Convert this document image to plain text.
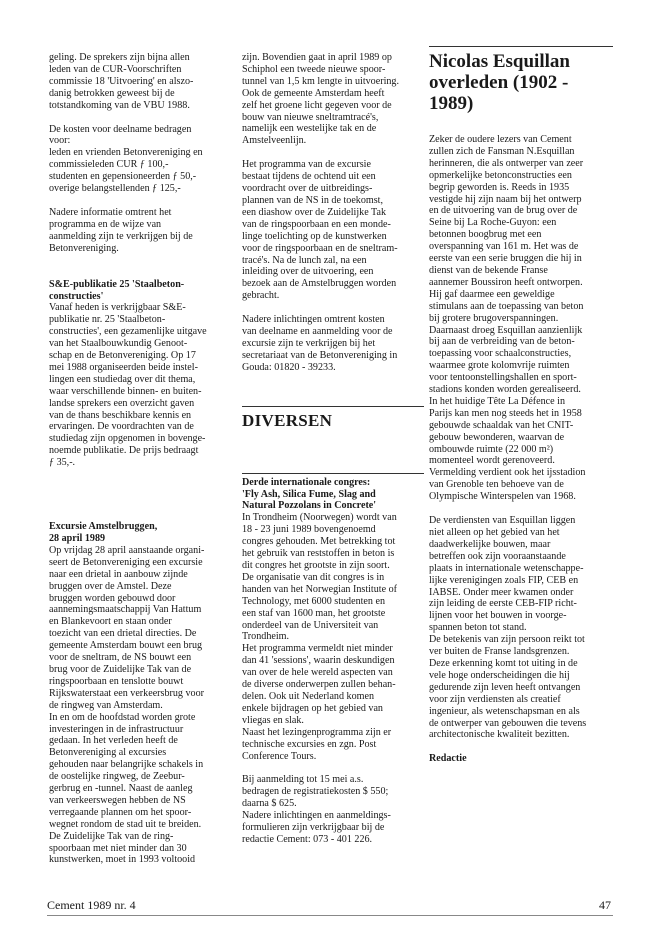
geling. De sprekers zijn bijna allen
leden van de CUR-Voorschriften
commissie 18 'Uitvoering' en alszo-
danig betrokken geweest bij de
totstandkoming van de VBU 1988.

De kosten voor deelname bedragen
voor:
leden en vrienden Betonvereniging en
commissieleden CUR ƒ 100,-
studenten en gepensioneerden ƒ 50,-
overige belangstellenden ƒ 125,-

Nadere informatie omtrent het
programma en de wijze van
aanmelding zijn te verkrijgen bij de
Betonvereniging.

S&E-publikatie 25 'Staalbeton-
constructies'

Vanaf heden is verkrijgbaar S&E-
publikatie nr. 25 'Staalbeton-
constructies', een gezamenlijke uitgave
van het Staalbouwkundig Genoot-
schap en de Betonvereniging. Op 17
mei 1988 organiseerden beide instel-
lingen een studiedag over dit thema,
waar verschillende binnen- en buiten-
landse sprekers een overzicht gaven
van de thans beschikbare kennis en
ervaringen. De voordrachten van de
studiedag zijn opgenomen in bovenge-
noemde publikatie. De prijs bedraagt
ƒ 35,-.

Excursie Amstelbruggen,
28 april 1989

Op vrijdag 28 april aanstaande organi-
seert de Betonvereniging een excursie
naar een drietal in aanbouw zijnde
bruggen over de Amstel. Deze
bruggen worden gebouwd door
aannemingsmaatschappij Van Hattum
en Blankevoort en staan onder
toezicht van een drietal directies. De
gemeente Amsterdam bouwt een brug
voor de sneltram, de NS bouwt een
brug voor de Zuidelijke Tak van de
ringspoorbaan en tenslotte bouwt
Rijkswaterstaat een verkeersbrug voor
de ringweg van Amsterdam.
In en om de hoofdstad worden grote
investeringen in de infrastructuur
gedaan. In het verleden heeft de
Betonvereniging al excursies
gehouden naar belangrijke schakels in
de oostelijke ringweg, de Zeebur-
gerbrug en -tunnel. Naast de aanleg
van verkeerswegen hebben de NS
verregaande plannen om het spoor-
wegnet rondom de stad uit te breiden.
De Zuidelijke Tak van de ring-
spoorbaan met niet minder dan 30
kunstwerken, moet in 1993 voltooid

zijn. Bovendien gaat in april 1989 op
Schiphol een tweede nieuwe spoor-
tunnel van 1,5 km lengte in uitvoering.
Ook de gemeente Amsterdam heeft
zelf het groene licht gegeven voor de
bouw van nieuwe sneltramtracé's,
namelijk een westelijke tak en de
Amstelveenlijn.

Het programma van de excursie
bestaat tijdens de ochtend uit een
voordracht over de uitbreidings-
plannen van de NS in de toekomst,
een diashow over de Zuidelijke Tak
van de ringspoorbaan en een monde-
linge toelichting op de kunstwerken
voor de ringspoorbaan en de sneltram-
tracé's. Na de lunch zal, na een
inleiding over de uitvoering, een
bezoek aan de Amstelbruggen worden
gebracht.

Nadere inlichtingen omtrent kosten
van deelname en aanmelding voor de
excursie zijn te verkrijgen bij het
secretariaat van de Betonvereniging in
Gouda: 01820 - 39233.

DIVERSEN

Derde internationale congres:
'Fly Ash, Silica Fume, Slag and
Natural Pozzolans in Concrete'

In Trondheim (Noorwegen) wordt van
18 - 23 juni 1989 bovengenoemd
congres gehouden. Met betrekking tot
het gebruik van reststoffen in beton is
dit congres het grootste in zijn soort.
De organisatie van dit congres is in
handen van het Norwegian Institute of
Technology, met 6000 studenten en
een staf van 1600 man, het grootste
onderdeel van de Universiteit van
Trondheim.
Het programma vermeldt niet minder
dan 41 'sessions', waarin deskundigen
van over de hele wereld aspecten van
de diverse onderwerpen zullen behan-
delen. Ook uit Nederland komen
enkele bijdragen op het gebied van
vliegas en slak.
Naast het lezingenprogramma zijn er
technische excursies en zgn. Post
Conference Tours.

Bij aanmelding tot 15 mei a.s.
bedragen de registratiekosten $ 550;
daarna $ 625.
Nadere inlichtingen en aanmeldings-
formulieren zijn verkrijgbaar bij de
redactie Cement: 073 - 401 226.

Nicolas Esquillan
overleden (1902 - 1989)

Zeker de oudere lezers van Cement
zullen zich de Fansman N.Esquillan
herinneren, die als ontwerper van zeer
opmerkelijke betonconstructies een
begrip geworden is. Reeds in 1935
vestigde hij zijn naam bij het ontwerp
en de uitvoering van de brug over de
Seine bij La Roche-Guyon: een
betonnen boogbrug met een
overspanning van 161 m. Het was de
eerste van een serie bruggen die hij in
dienst van de bekende Franse
aannemer Boussiron heeft ontworpen.
Hij gaf daarmee een geweldige
stimulans aan de toepassing van beton
bij grotere brugoverspanningen.
Daarnaast droeg Esquillan aanzienlijk
bij aan de verbreiding van de beton-
toepassing voor schaalconstructies,
waarmee grote kolomvrije ruimten
voor tentoonstellingshallen en sport-
stadions konden worden gerealiseerd.
In het huidige Tête La Défence in
Parijs kan men nog steeds het in 1958
gebouwde schaaldak van het CNIT-
gebouw bewonderen, waarvan de
ombouwde ruimte (22 000 m²)
momenteel wordt gerenoveerd.
Vermelding verdient ook het ijsstadion
van Grenoble ten behoeve van de
Olympische Winterspelen van 1968.

De verdiensten van Esquillan liggen
niet alleen op het gebied van het
daadwerkelijke bouwen, maar
betreffen ook zijn vooraanstaande
plaats in internationale wetenschappe-
lijke verenigingen zoals FIP, CEB en
IABSE. Onder meer kwamen onder
zijn leiding de eerste CEB-FIP richt-
lijnen voor het bouwen in voorge-
spannen beton tot stand.
De betekenis van zijn persoon reikt tot
ver buiten de Franse landsgrenzen.
Deze erkenning komt tot uiting in de
vele hoge onderscheidingen die hij
gedurende zijn leven heeft ontvangen
voor zijn verdiensten als creatief
ingenieur, als wetenschapsman en als
de ontwerper van gebouwen die tevens
architectonische kwaliteit bezitten.

Redactie

Cement 1989 nr. 4	47
